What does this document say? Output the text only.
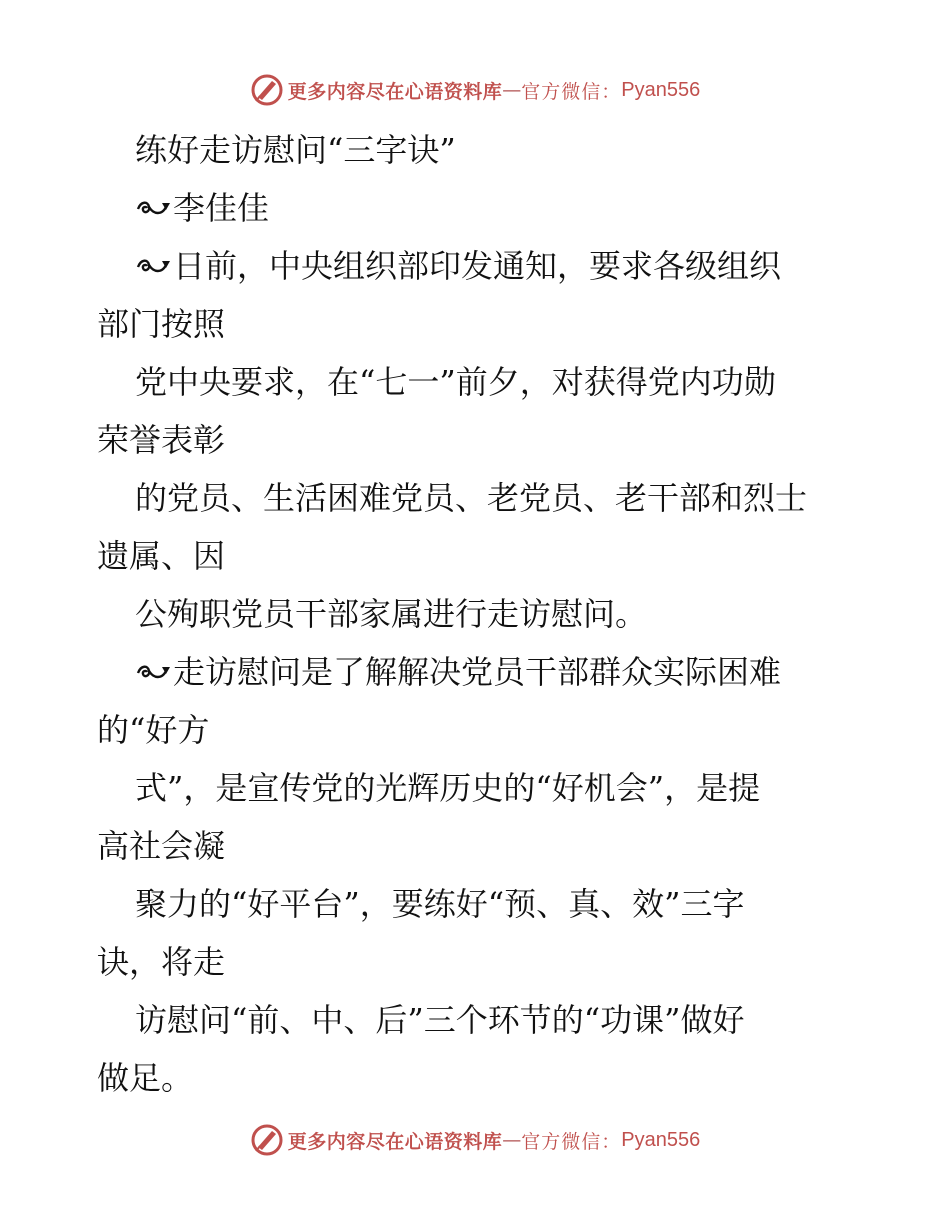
更多内容尽在心语资料库 — 官方微信： Pyan556
练好走访慰问“三字诀”
李佳佳
日前，中央组织部印发通知，要求各级组织
部门按照
党中央要求，在“七一”前夕，对获得党内功勋
荣誉表彰
的党员、生活困难党员、老党员、老干部和烈士
遗属、因
公殉职党员干部家属进行走访慰问。
走访慰问是了解解决党员干部群众实际困难
的“好方
式”，是宣传党的光辉历史的“好机会”，是提
高社会凝
聚力的“好平台”，要练好“预、真、效”三字
诀，将走
访慰问“前、中、后”三个环节的“功课”做好
做足。
更多内容尽在心语资料库 — 官方微信： Pyan556
